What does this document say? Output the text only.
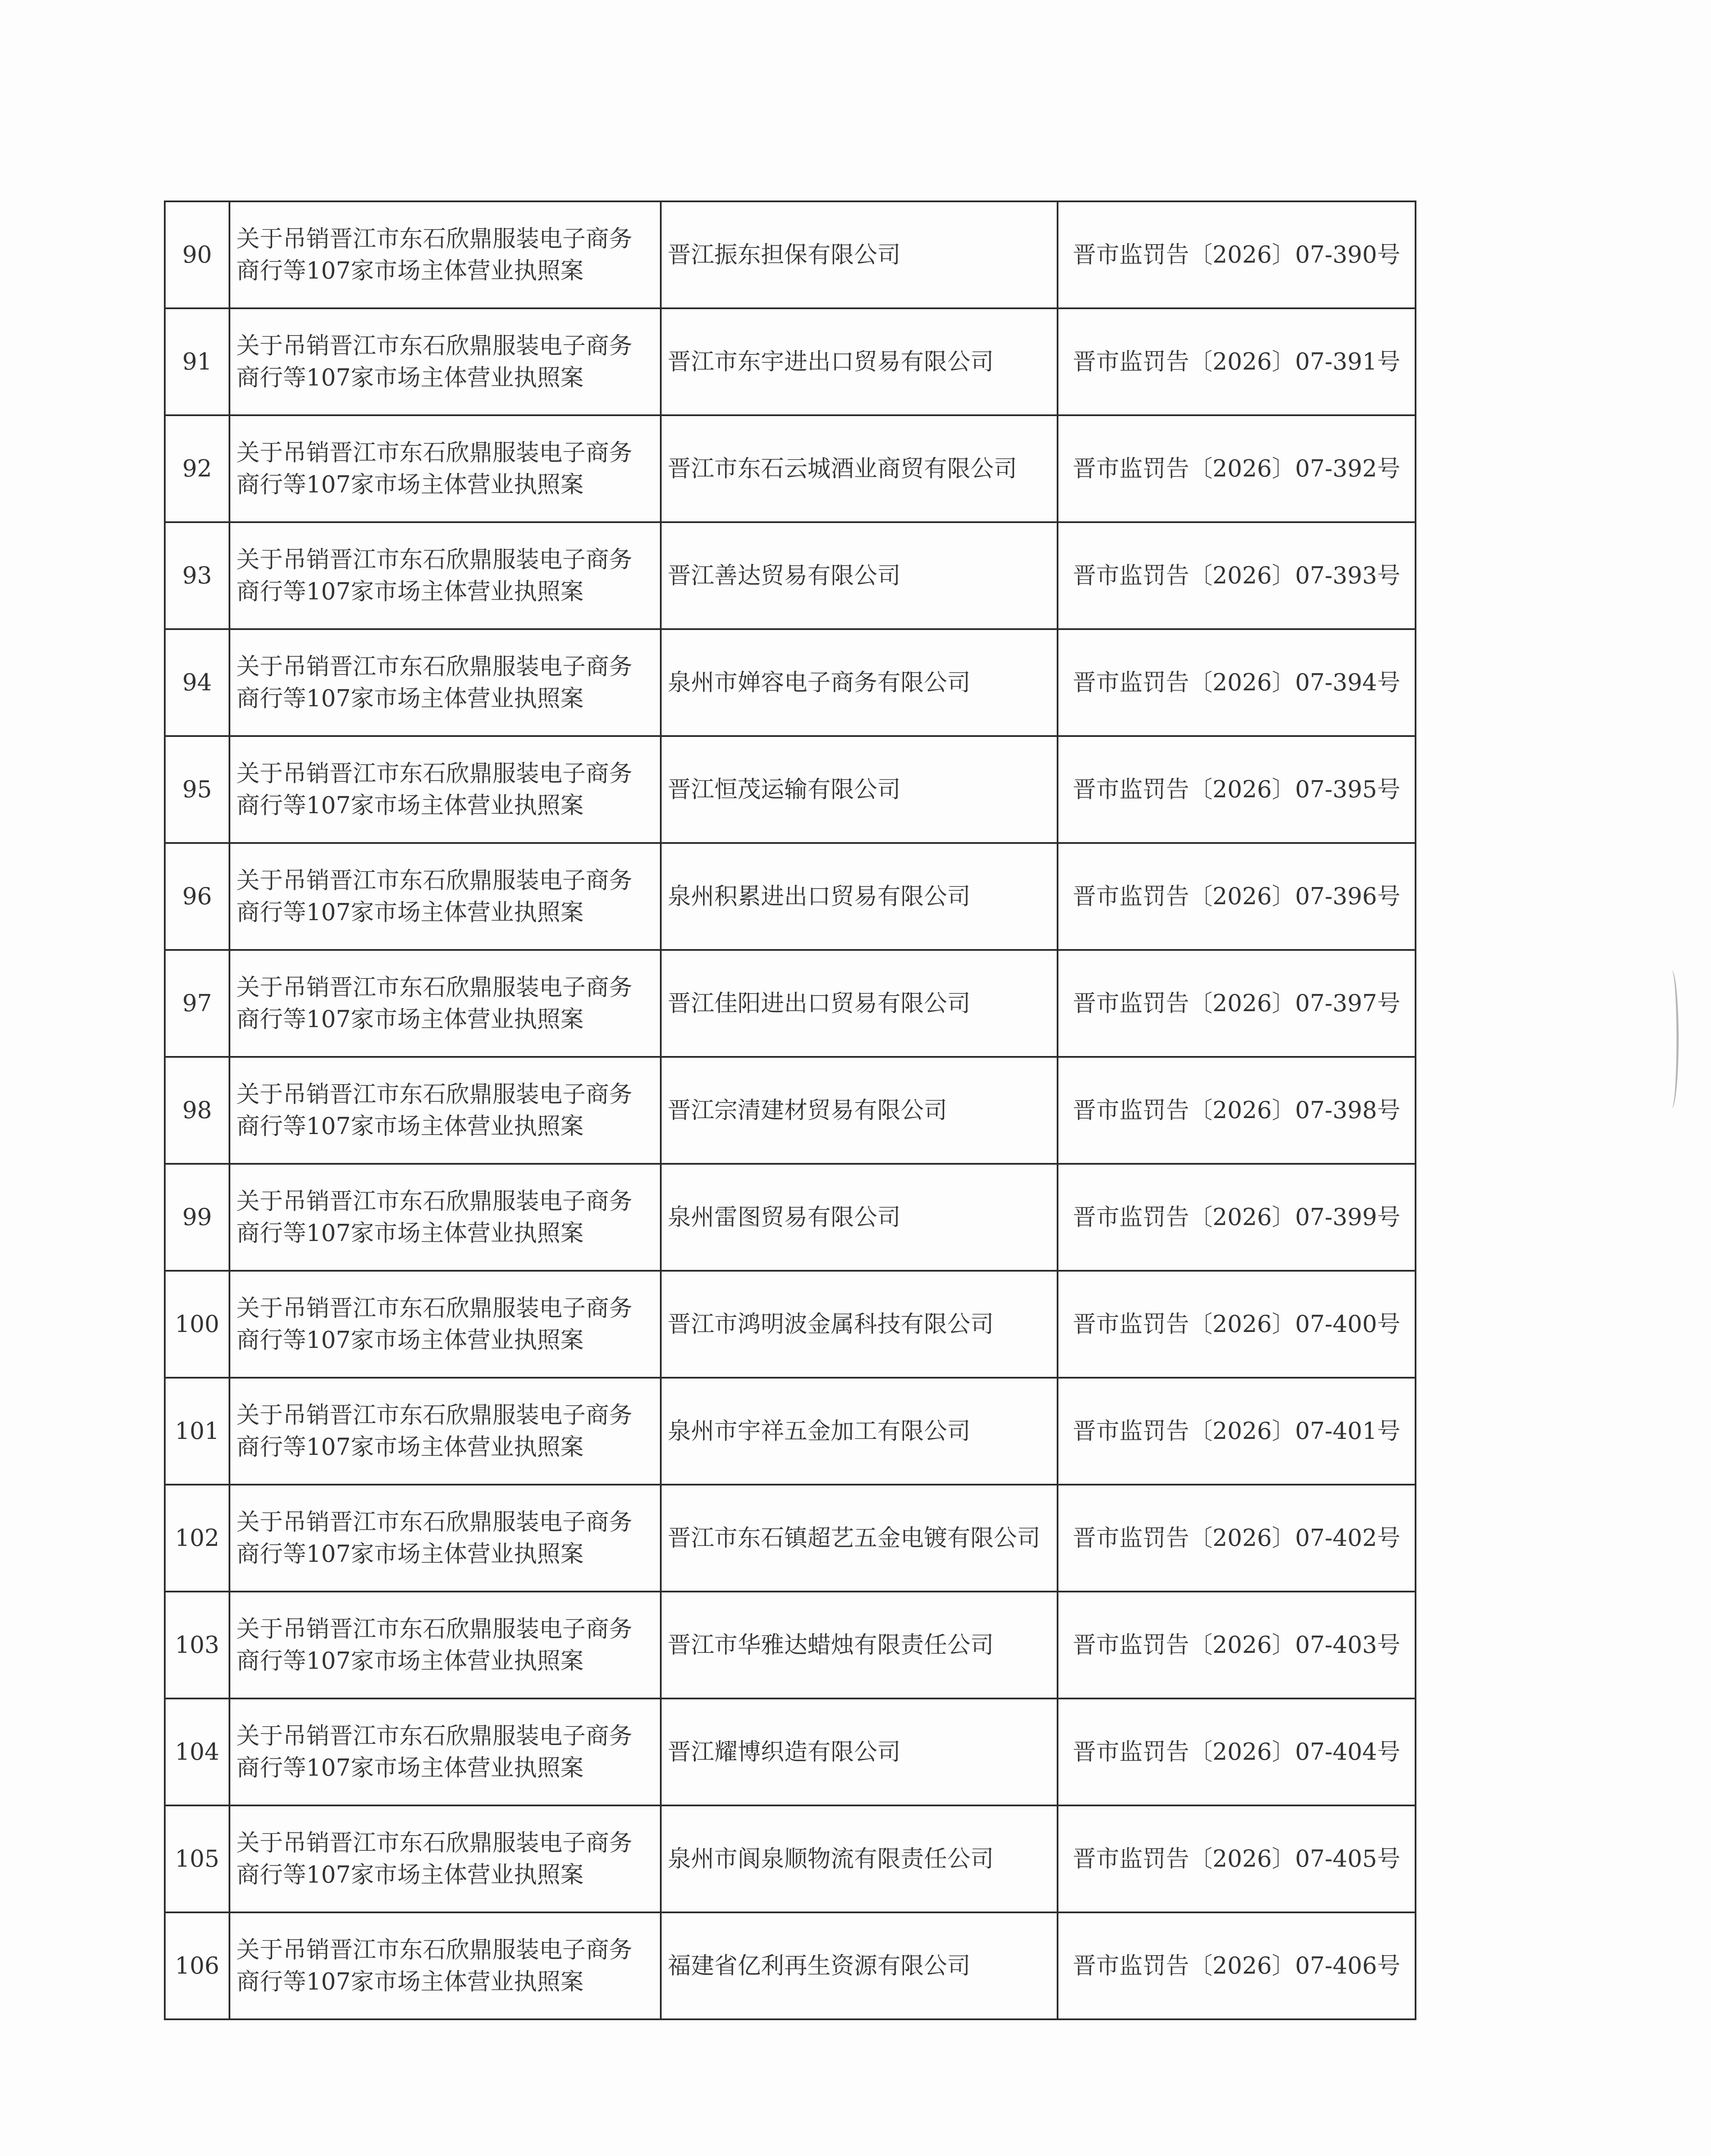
90	关于吊销晋江市东石欣鼎服装电子商务商行等107家市场主体营业执照案	晋江振东担保有限公司	晋市监罚告〔2026〕07-390号
91	关于吊销晋江市东石欣鼎服装电子商务商行等107家市场主体营业执照案	晋江市东宇进出口贸易有限公司	晋市监罚告〔2026〕07-391号
92	关于吊销晋江市东石欣鼎服装电子商务商行等107家市场主体营业执照案	晋江市东石云城酒业商贸有限公司	晋市监罚告〔2026〕07-392号
93	关于吊销晋江市东石欣鼎服装电子商务商行等107家市场主体营业执照案	晋江善达贸易有限公司	晋市监罚告〔2026〕07-393号
94	关于吊销晋江市东石欣鼎服装电子商务商行等107家市场主体营业执照案	泉州市婵容电子商务有限公司	晋市监罚告〔2026〕07-394号
95	关于吊销晋江市东石欣鼎服装电子商务商行等107家市场主体营业执照案	晋江恒茂运输有限公司	晋市监罚告〔2026〕07-395号
96	关于吊销晋江市东石欣鼎服装电子商务商行等107家市场主体营业执照案	泉州积累进出口贸易有限公司	晋市监罚告〔2026〕07-396号
97	关于吊销晋江市东石欣鼎服装电子商务商行等107家市场主体营业执照案	晋江佳阳进出口贸易有限公司	晋市监罚告〔2026〕07-397号
98	关于吊销晋江市东石欣鼎服装电子商务商行等107家市场主体营业执照案	晋江宗清建材贸易有限公司	晋市监罚告〔2026〕07-398号
99	关于吊销晋江市东石欣鼎服装电子商务商行等107家市场主体营业执照案	泉州雷图贸易有限公司	晋市监罚告〔2026〕07-399号
100	关于吊销晋江市东石欣鼎服装电子商务商行等107家市场主体营业执照案	晋江市鸿明波金属科技有限公司	晋市监罚告〔2026〕07-400号
101	关于吊销晋江市东石欣鼎服装电子商务商行等107家市场主体营业执照案	泉州市宇祥五金加工有限公司	晋市监罚告〔2026〕07-401号
102	关于吊销晋江市东石欣鼎服装电子商务商行等107家市场主体营业执照案	晋江市东石镇超艺五金电镀有限公司	晋市监罚告〔2026〕07-402号
103	关于吊销晋江市东石欣鼎服装电子商务商行等107家市场主体营业执照案	晋江市华雅达蜡烛有限责任公司	晋市监罚告〔2026〕07-403号
104	关于吊销晋江市东石欣鼎服装电子商务商行等107家市场主体营业执照案	晋江耀博织造有限公司	晋市监罚告〔2026〕07-404号
105	关于吊销晋江市东石欣鼎服装电子商务商行等107家市场主体营业执照案	泉州市阆泉顺物流有限责任公司	晋市监罚告〔2026〕07-405号
106	关于吊销晋江市东石欣鼎服装电子商务商行等107家市场主体营业执照案	福建省亿利再生资源有限公司	晋市监罚告〔2026〕07-406号
